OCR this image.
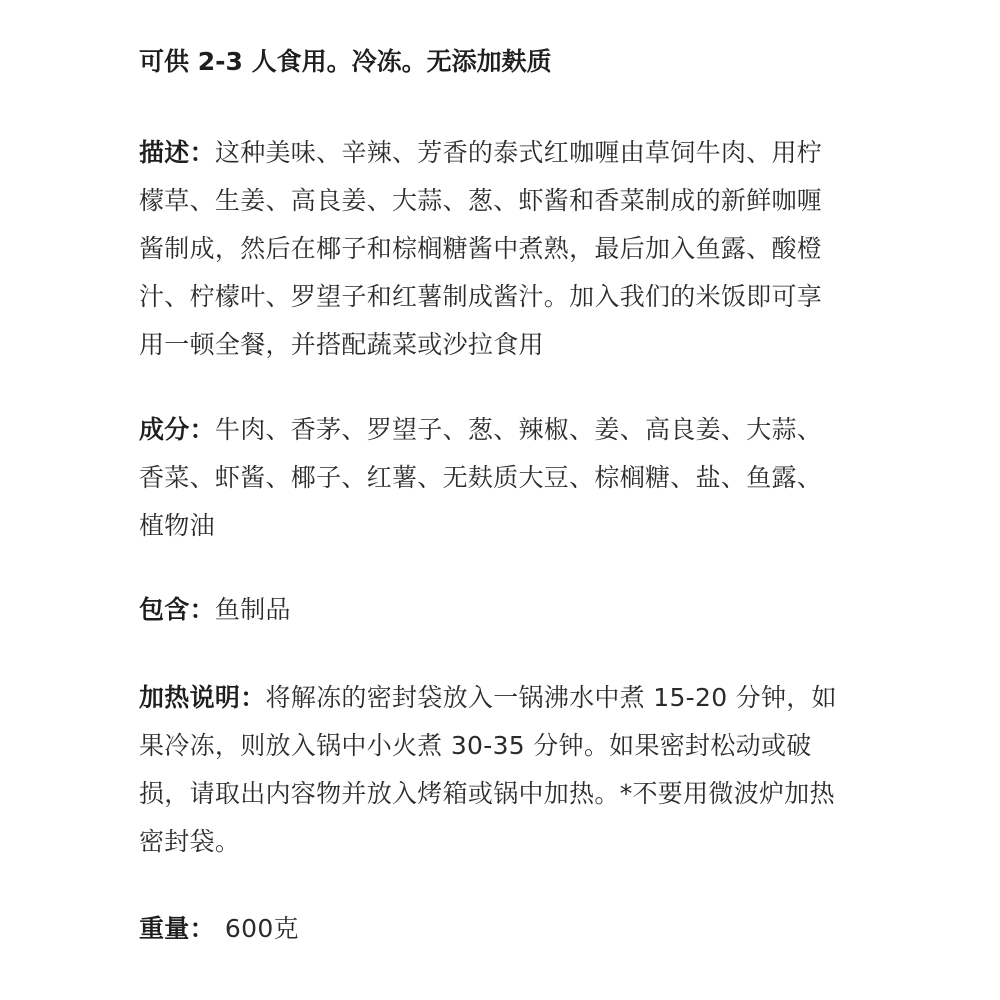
可供 2-3 人食用。冷冻。无添加麸质
描述：这种美味、辛辣、芳香的泰式红咖喱由草饲牛肉、用柠檬草、生姜、高良姜、大蒜、葱、虾酱和香菜制成的新鲜咖喱酱制成，然后在椰子和棕榈糖酱中煮熟，最后加入鱼露、酸橙汁、柠檬叶、罗望子和红薯制成酱汁。加入我们的米饭即可享用一顿全餐，并搭配蔬菜或沙拉食用
成分：牛肉、香茅、罗望子、葱、辣椒、姜、高良姜、大蒜、香菜、虾酱、椰子、红薯、无麸质大豆、棕榈糖、盐、鱼露、植物油
包含：鱼制品
加热说明：将解冻的密封袋放入一锅沸水中煮 15-20 分钟，如果冷冻，则放入锅中小火煮 30-35 分钟。如果密封松动或破损，请取出内容物并放入烤箱或锅中加热。*不要用微波炉加热密封袋。
重量： 600克
